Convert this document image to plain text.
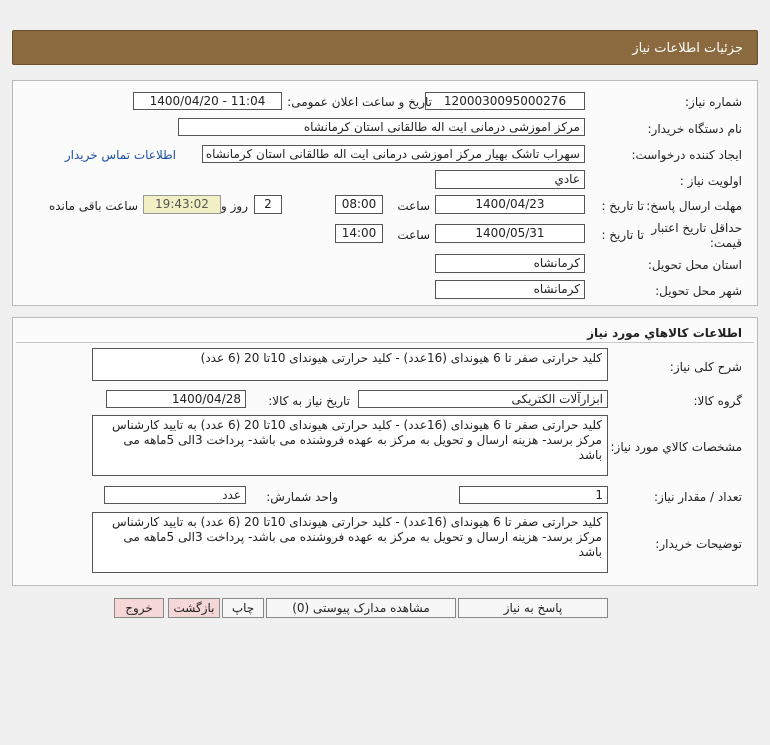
جزئیات اطلاعات نیاز
شماره نیاز:
1200030095000276
تاریخ و ساعت اعلان عمومی:
1400/04/20 - 11:04
نام دستگاه خریدار:
مرکز اموزشی درمانی ایت اله طالقانی استان کرمانشاه
ایجاد کننده درخواست:
سهراب تاشک بهیار مرکز اموزشی درمانی ایت اله طالقانی استان کرمانشاه
اطلاعات تماس خریدار
اولویت نیاز :
عادي
مهلت ارسال پاسخ:
تا تاریخ :
1400/04/23
ساعت
08:00
2
روز و
19:43:02
ساعت باقی مانده
حداقل تاریخ اعتبار
قیمت:
تا تاریخ :
1400/05/31
ساعت
14:00
استان محل تحویل:
کرمانشاه
شهر محل تحویل:
کرمانشاه
اطلاعات کالاهاي مورد نياز
شرح کلی نیاز:
کلید حرارتی صفر تا 6 هیوندای (16عدد) - کلید حرارتی هیوندای 10تا 20 (6 عدد)
گروه کالا:
ابزارآلات الکتریکی
تاریخ نیاز به کالا:
1400/04/28
مشخصات کالاي مورد نياز:
کلید حرارتی صفر تا 6 هیوندای (16عدد) - کلید حرارتی هیوندای 10تا 20 (6 عدد) به تایید کارشناس مرکز برسد- هزینه ارسال و تحویل به مرکز به عهده فروشنده می باشد- پرداخت 3الی 5ماهه می باشد
تعداد / مقدار نیاز:
1
واحد شمارش:
عدد
توضیحات خریدار:
کلید حرارتی صفر تا 6 هیوندای (16عدد) - کلید حرارتی هیوندای 10تا 20 (6 عدد) به تایید کارشناس مرکز برسد- هزینه ارسال و تحویل به مرکز به عهده فروشنده می باشد- پرداخت 3الی 5ماهه می باشد
پاسخ به نیاز
مشاهده مدارک پیوستی (0)
چاپ
بازگشت
خروج
